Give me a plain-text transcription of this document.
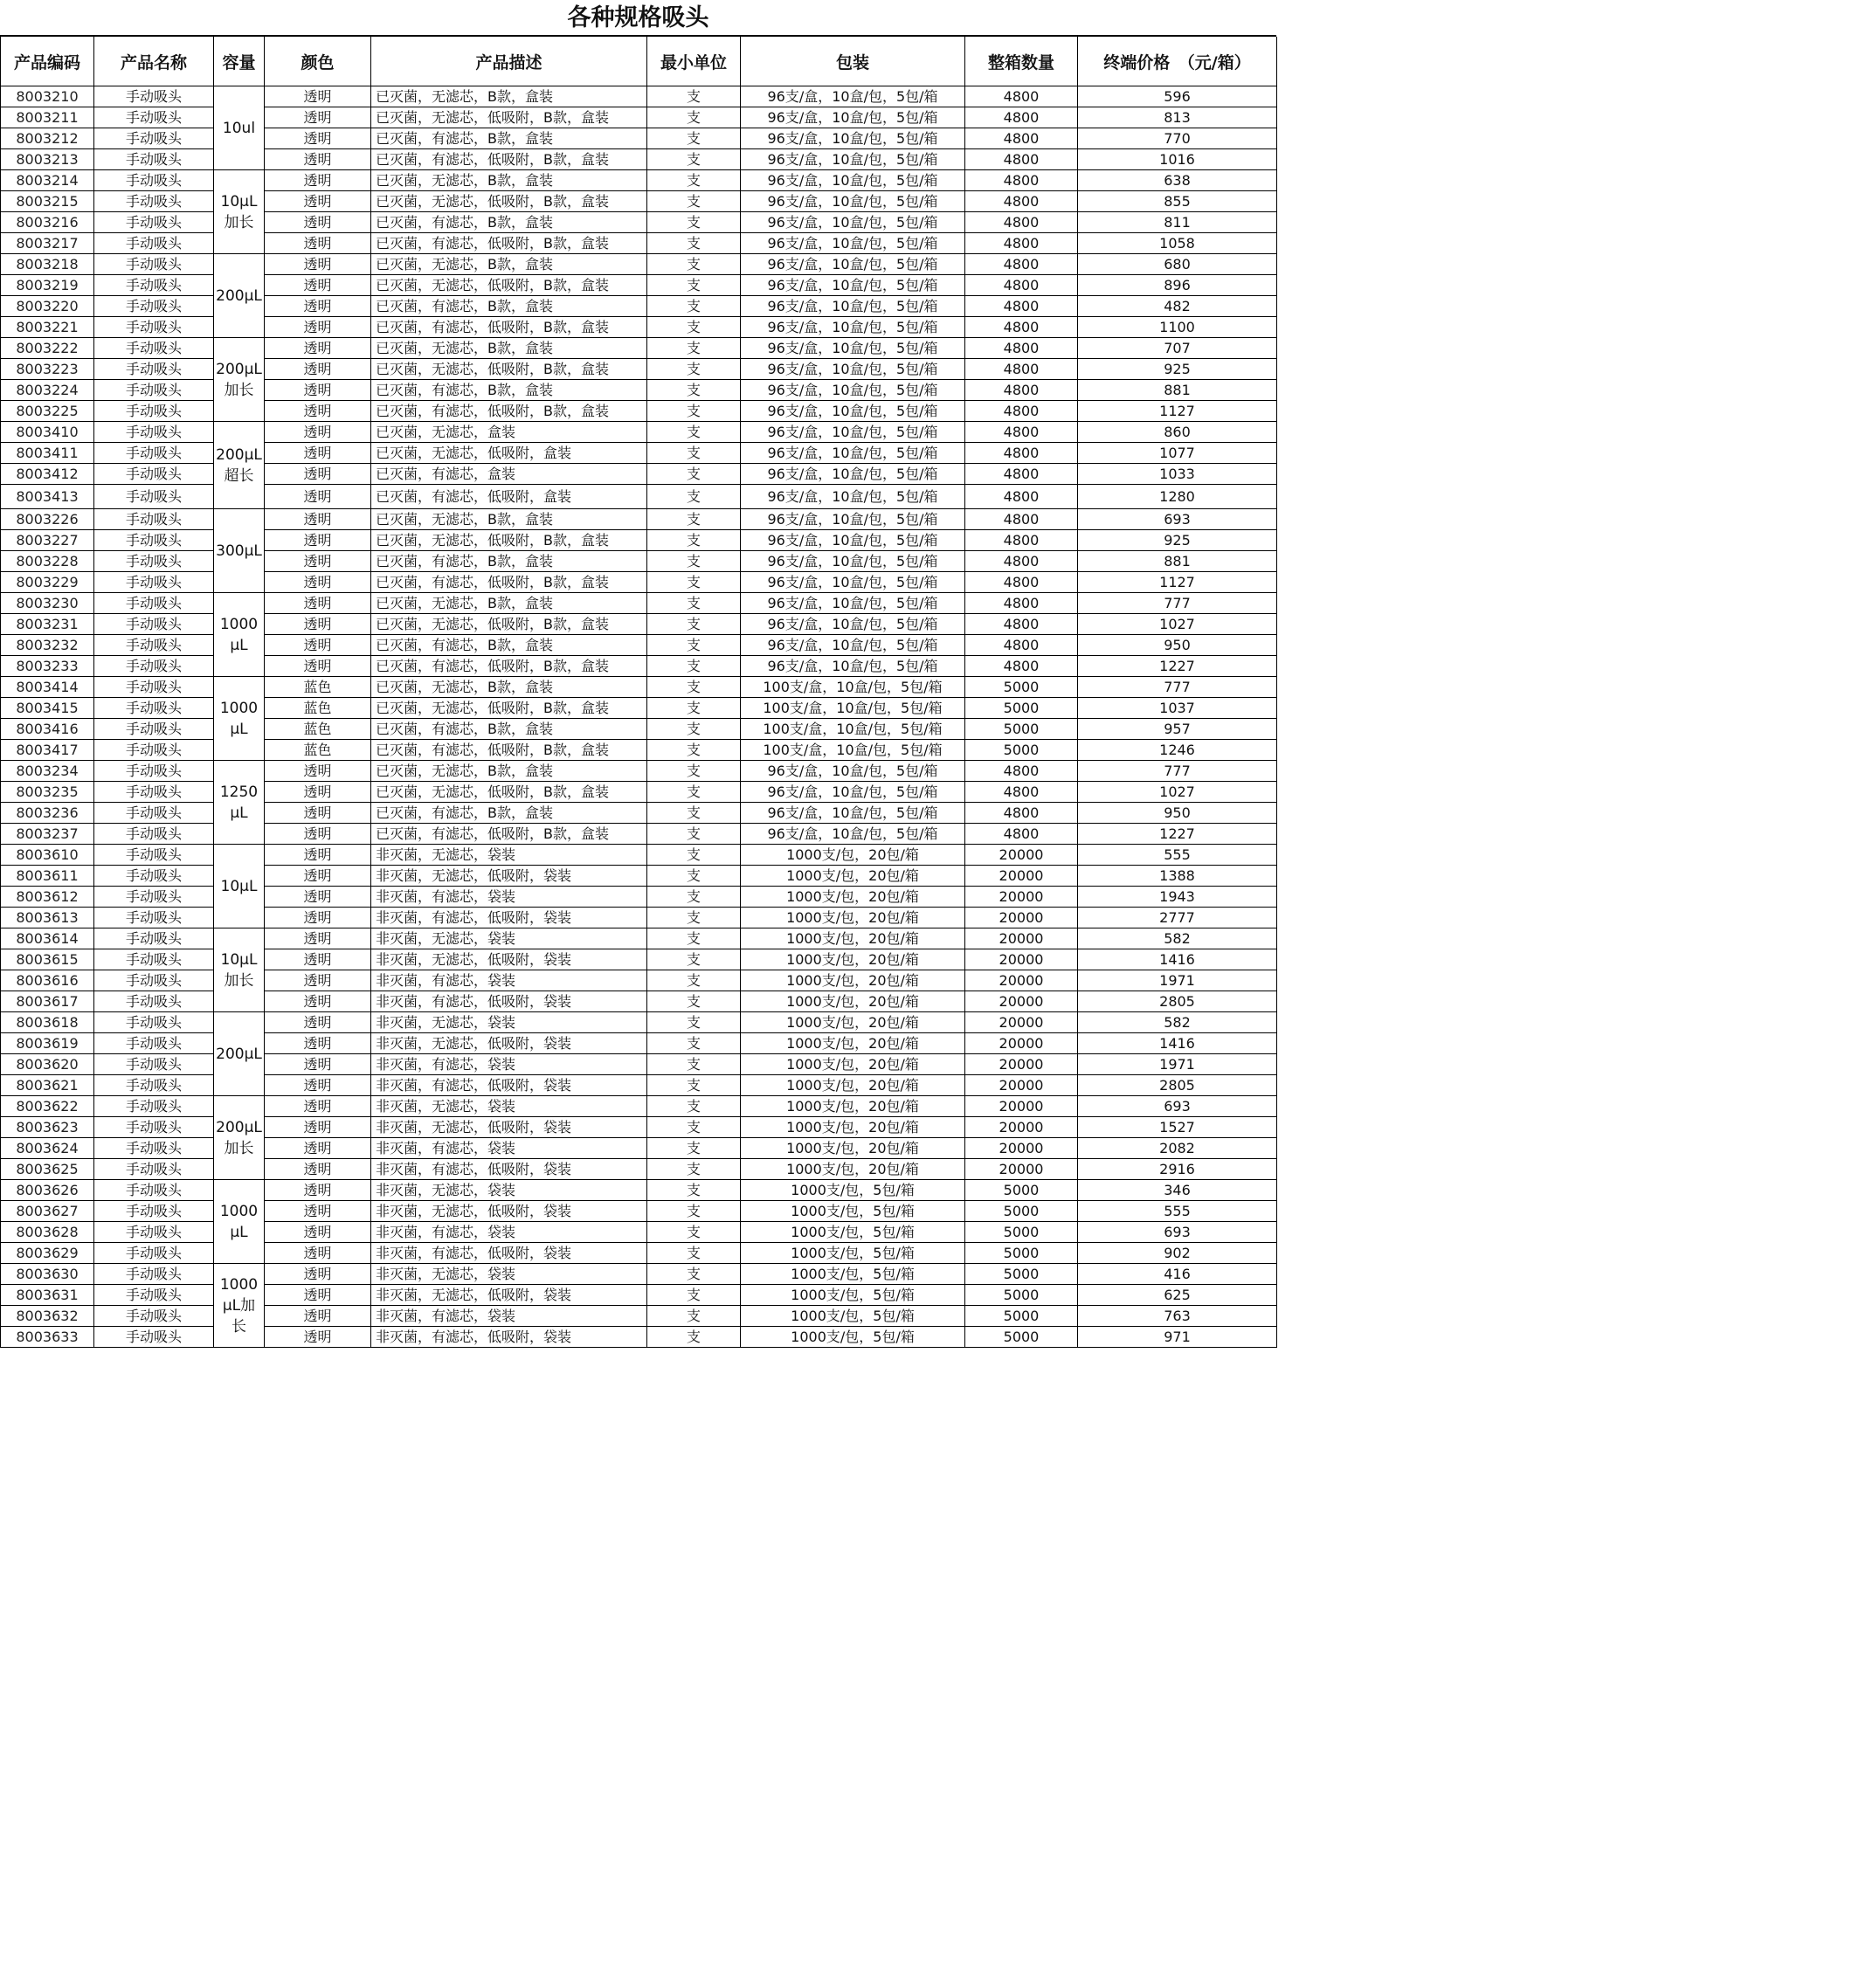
各种规格吸头
产品编码	产品名称	容量	颜色	产品描述	最小单位	包装	整箱数量	终端价格　（元/箱）
8003210	手动吸头	10ul	透明	已灭菌，无滤芯，B款，盒装	支	96支/盒，10盒/包，5包/箱	4800	596
8003211	手动吸头		透明	已灭菌，无滤芯，低吸附，B款，盒装	支	96支/盒，10盒/包，5包/箱	4800	813
8003212	手动吸头		透明	已灭菌，有滤芯，B款，盒装	支	96支/盒，10盒/包，5包/箱	4800	770
8003213	手动吸头		透明	已灭菌，有滤芯，低吸附，B款，盒装	支	96支/盒，10盒/包，5包/箱	4800	1016
8003214	手动吸头	10μL加长	透明	已灭菌，无滤芯，B款，盒装	支	96支/盒，10盒/包，5包/箱	4800	638
8003215	手动吸头		透明	已灭菌，无滤芯，低吸附，B款，盒装	支	96支/盒，10盒/包，5包/箱	4800	855
8003216	手动吸头		透明	已灭菌，有滤芯，B款，盒装	支	96支/盒，10盒/包，5包/箱	4800	811
8003217	手动吸头		透明	已灭菌，有滤芯，低吸附，B款，盒装	支	96支/盒，10盒/包，5包/箱	4800	1058
8003218	手动吸头	200μL	透明	已灭菌，无滤芯，B款，盒装	支	96支/盒，10盒/包，5包/箱	4800	680
8003219	手动吸头		透明	已灭菌，无滤芯，低吸附，B款，盒装	支	96支/盒，10盒/包，5包/箱	4800	896
8003220	手动吸头		透明	已灭菌，有滤芯，B款，盒装	支	96支/盒，10盒/包，5包/箱	4800	482
8003221	手动吸头		透明	已灭菌，有滤芯，低吸附，B款，盒装	支	96支/盒，10盒/包，5包/箱	4800	1100
8003222	手动吸头	200μL加长	透明	已灭菌，无滤芯，B款，盒装	支	96支/盒，10盒/包，5包/箱	4800	707
8003223	手动吸头		透明	已灭菌，无滤芯，低吸附，B款，盒装	支	96支/盒，10盒/包，5包/箱	4800	925
8003224	手动吸头		透明	已灭菌，有滤芯，B款，盒装	支	96支/盒，10盒/包，5包/箱	4800	881
8003225	手动吸头		透明	已灭菌，有滤芯，低吸附，B款，盒装	支	96支/盒，10盒/包，5包/箱	4800	1127
8003410	手动吸头	200μL超长	透明	已灭菌，无滤芯，盒装	支	96支/盒，10盒/包，5包/箱	4800	860
8003411	手动吸头		透明	已灭菌，无滤芯，低吸附，盒装	支	96支/盒，10盒/包，5包/箱	4800	1077
8003412	手动吸头		透明	已灭菌，有滤芯，盒装	支	96支/盒，10盒/包，5包/箱	4800	1033
8003413	手动吸头		透明	已灭菌，有滤芯，低吸附，盒装	支	96支/盒，10盒/包，5包/箱	4800	1280
8003226	手动吸头	300μL	透明	已灭菌，无滤芯，B款，盒装	支	96支/盒，10盒/包，5包/箱	4800	693
8003227	手动吸头		透明	已灭菌，无滤芯，低吸附，B款，盒装	支	96支/盒，10盒/包，5包/箱	4800	925
8003228	手动吸头		透明	已灭菌，有滤芯，B款，盒装	支	96支/盒，10盒/包，5包/箱	4800	881
8003229	手动吸头		透明	已灭菌，有滤芯，低吸附，B款，盒装	支	96支/盒，10盒/包，5包/箱	4800	1127
8003230	手动吸头	1000μL	透明	已灭菌，无滤芯，B款，盒装	支	96支/盒，10盒/包，5包/箱	4800	777
8003231	手动吸头		透明	已灭菌，无滤芯，低吸附，B款，盒装	支	96支/盒，10盒/包，5包/箱	4800	1027
8003232	手动吸头		透明	已灭菌，有滤芯，B款，盒装	支	96支/盒，10盒/包，5包/箱	4800	950
8003233	手动吸头		透明	已灭菌，有滤芯，低吸附，B款，盒装	支	96支/盒，10盒/包，5包/箱	4800	1227
8003414	手动吸头	1000μL	蓝色	已灭菌，无滤芯，B款，盒装	支	100支/盒，10盒/包，5包/箱	5000	777
8003415	手动吸头		蓝色	已灭菌，无滤芯，低吸附，B款，盒装	支	100支/盒，10盒/包，5包/箱	5000	1037
8003416	手动吸头		蓝色	已灭菌，有滤芯，B款，盒装	支	100支/盒，10盒/包，5包/箱	5000	957
8003417	手动吸头		蓝色	已灭菌，有滤芯，低吸附，B款，盒装	支	100支/盒，10盒/包，5包/箱	5000	1246
8003234	手动吸头	1250μL	透明	已灭菌，无滤芯，B款，盒装	支	96支/盒，10盒/包，5包/箱	4800	777
8003235	手动吸头		透明	已灭菌，无滤芯，低吸附，B款，盒装	支	96支/盒，10盒/包，5包/箱	4800	1027
8003236	手动吸头		透明	已灭菌，有滤芯，B款，盒装	支	96支/盒，10盒/包，5包/箱	4800	950
8003237	手动吸头		透明	已灭菌，有滤芯，低吸附，B款，盒装	支	96支/盒，10盒/包，5包/箱	4800	1227
8003610	手动吸头	10μL	透明	非灭菌，无滤芯，袋装	支	1000支/包，20包/箱	20000	555
8003611	手动吸头		透明	非灭菌，无滤芯，低吸附，袋装	支	1000支/包，20包/箱	20000	1388
8003612	手动吸头		透明	非灭菌，有滤芯，袋装	支	1000支/包，20包/箱	20000	1943
8003613	手动吸头		透明	非灭菌，有滤芯，低吸附，袋装	支	1000支/包，20包/箱	20000	2777
8003614	手动吸头	10μL加长	透明	非灭菌，无滤芯，袋装	支	1000支/包，20包/箱	20000	582
8003615	手动吸头		透明	非灭菌，无滤芯，低吸附，袋装	支	1000支/包，20包/箱	20000	1416
8003616	手动吸头		透明	非灭菌，有滤芯，袋装	支	1000支/包，20包/箱	20000	1971
8003617	手动吸头		透明	非灭菌，有滤芯，低吸附，袋装	支	1000支/包，20包/箱	20000	2805
8003618	手动吸头	200μL	透明	非灭菌，无滤芯，袋装	支	1000支/包，20包/箱	20000	582
8003619	手动吸头		透明	非灭菌，无滤芯，低吸附，袋装	支	1000支/包，20包/箱	20000	1416
8003620	手动吸头		透明	非灭菌，有滤芯，袋装	支	1000支/包，20包/箱	20000	1971
8003621	手动吸头		透明	非灭菌，有滤芯，低吸附，袋装	支	1000支/包，20包/箱	20000	2805
8003622	手动吸头	200μL加长	透明	非灭菌，无滤芯，袋装	支	1000支/包，20包/箱	20000	693
8003623	手动吸头		透明	非灭菌，无滤芯，低吸附，袋装	支	1000支/包，20包/箱	20000	1527
8003624	手动吸头		透明	非灭菌，有滤芯，袋装	支	1000支/包，20包/箱	20000	2082
8003625	手动吸头		透明	非灭菌，有滤芯，低吸附，袋装	支	1000支/包，20包/箱	20000	2916
8003626	手动吸头	1000μL	透明	非灭菌，无滤芯，袋装	支	1000支/包，5包/箱	5000	346
8003627	手动吸头		透明	非灭菌，无滤芯，低吸附，袋装	支	1000支/包，5包/箱	5000	555
8003628	手动吸头		透明	非灭菌，有滤芯，袋装	支	1000支/包，5包/箱	5000	693
8003629	手动吸头		透明	非灭菌，有滤芯，低吸附，袋装	支	1000支/包，5包/箱	5000	902
8003630	手动吸头	1000μL加长	透明	非灭菌，无滤芯，袋装	支	1000支/包，5包/箱	5000	416
8003631	手动吸头		透明	非灭菌，无滤芯，低吸附，袋装	支	1000支/包，5包/箱	5000	625
8003632	手动吸头		透明	非灭菌，有滤芯，袋装	支	1000支/包，5包/箱	5000	763
8003633	手动吸头		透明	非灭菌，有滤芯，低吸附，袋装	支	1000支/包，5包/箱	5000	971
